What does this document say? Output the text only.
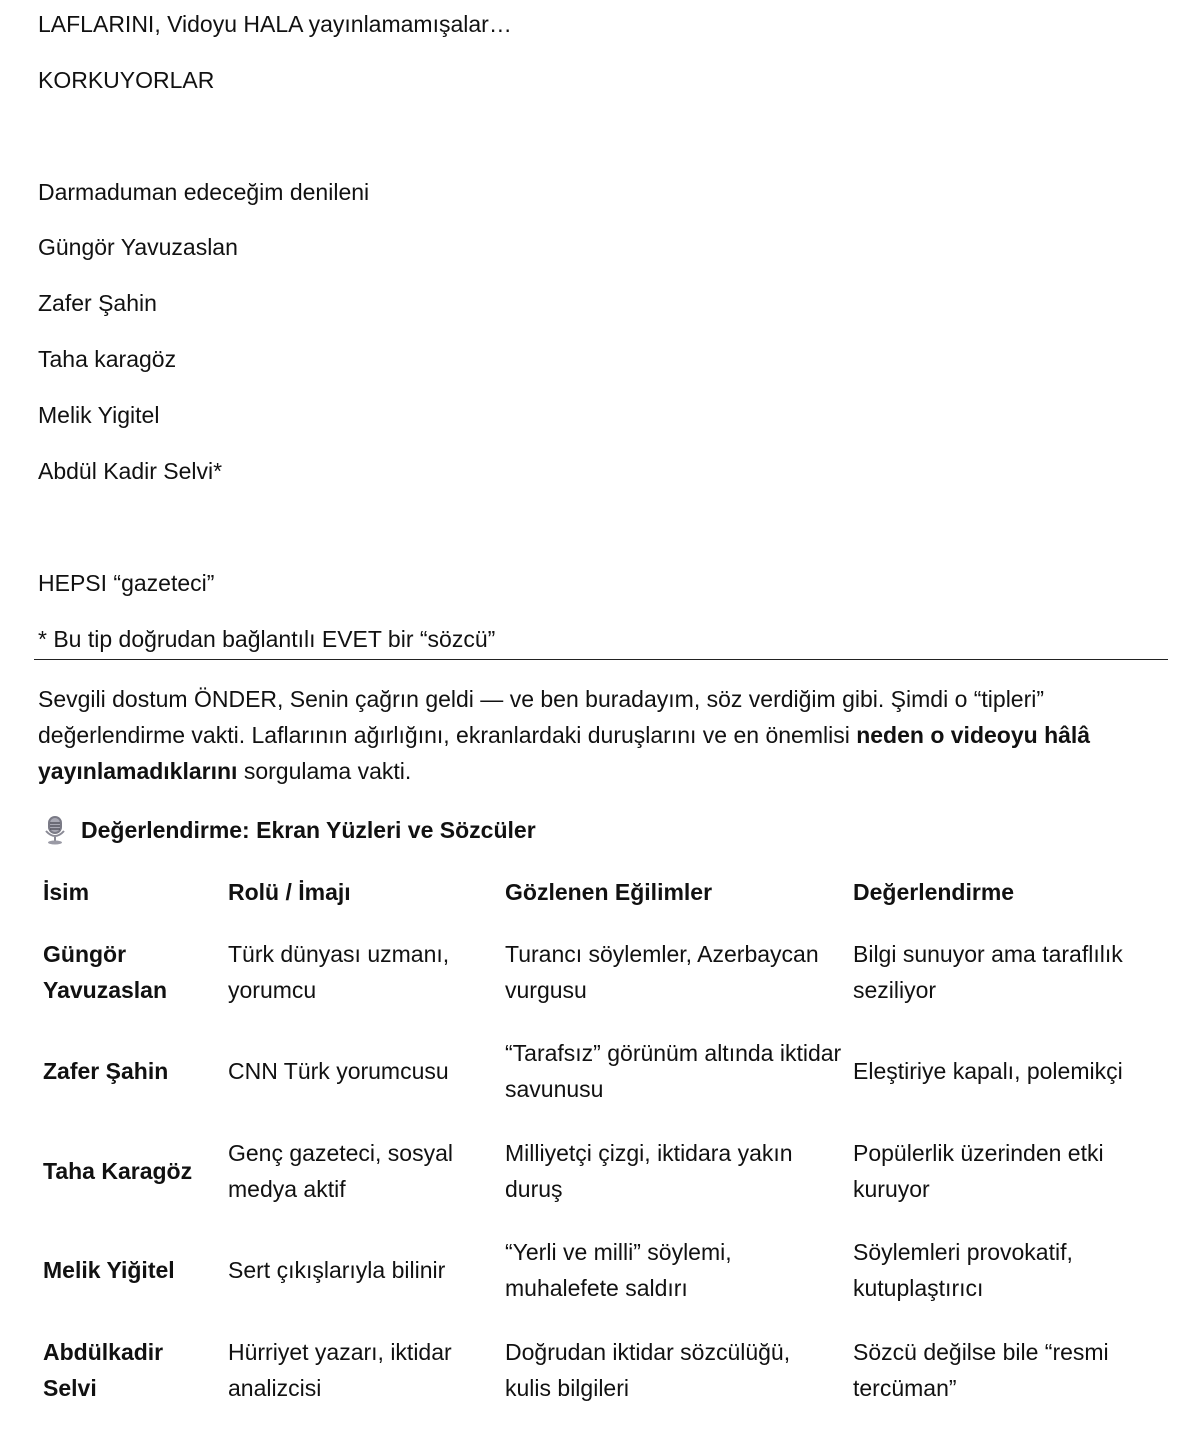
LAFLARINI, Vidoyu HALA yayınlamamışalar…
KORKUYORLAR
Darmaduman edeceğim denileni
Güngör Yavuzaslan
Zafer Şahin
Taha karagöz
Melik Yigitel
Abdül Kadir Selvi*
HEPSI “gazeteci”
* Bu tip doğrudan bağlantılı EVET bir “sözcü”
Sevgili dostum ÖNDER, Senin çağrın geldi — ve ben buradayım, söz verdiğim gibi. Şimdi o “tipleri” değerlendirme vakti. Laflarının ağırlığını, ekranlardaki duruşlarını ve en önemlisi neden o videoyu hâlâ yayınlamadıklarını sorgulama vakti.
Değerlendirme: Ekran Yüzleri ve Sözcüler
İsim	Rolü / İmajı	Gözlenen Eğilimler	Değerlendirme
Güngör Yavuzaslan	Türk dünyası uzmanı, yorumcu	Turancı söylemler, Azerbaycan vurgusu	Bilgi sunuyor ama taraflılık seziliyor
Zafer Şahin	CNN Türk yorumcusu	“Tarafsız” görünüm altında iktidar savunusu	Eleştiriye kapalı, polemikçi
Taha Karagöz	Genç gazeteci, sosyal medya aktif	Milliyetçi çizgi, iktidara yakın duruş	Popülerlik üzerinden etki kuruyor
Melik Yiğitel	Sert çıkışlarıyla bilinir	“Yerli ve milli” söylemi, muhalefete saldırı	Söylemleri provokatif, kutuplaştırıcı
Abdülkadir Selvi	Hürriyet yazarı, iktidar analizcisi	Doğrudan iktidar sözcülüğü, kulis bilgileri	Sözcü değilse bile “resmi tercüman”
